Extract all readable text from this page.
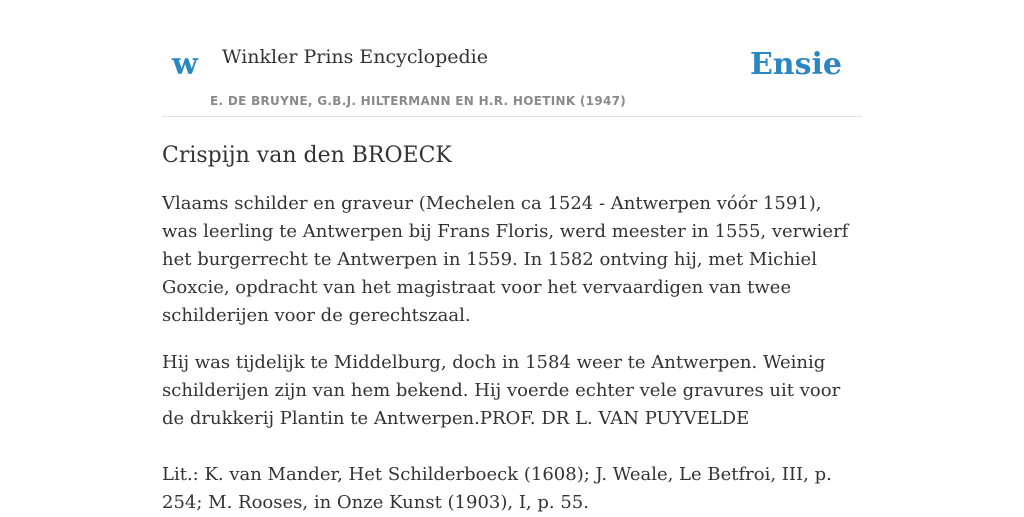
w Winkler Prins Encyclopedie
E. DE BRUYNE, G.B.J. HILTERMANN EN H.R. HOETINK (1947)
Ensie
Crispijn van den BROECK

Vlaams schilder en graveur (Mechelen ca 1524 - Antwerpen vóór 1591), was leerling te Antwerpen bij Frans Floris, werd meester in 1555, verwierf het burgerrecht te Antwerpen in 1559. In 1582 ontving hij, met Michiel Goxcie, opdracht van het magistraat voor het vervaardigen van twee schilderijen voor de gerechtszaal.

Hij was tijdelijk te Middelburg, doch in 1584 weer te Antwerpen. Weinig schilderijen zijn van hem bekend. Hij voerde echter vele gravures uit voor de drukkerij Plantin te Antwerpen.PROF. DR L. VAN PUYVELDE

Lit.: K. van Mander, Het Schilderboeck (1608); J. Weale, Le Betfroi, III, p. 254; M. Rooses, in Onze Kunst (1903), I, p. 55.
